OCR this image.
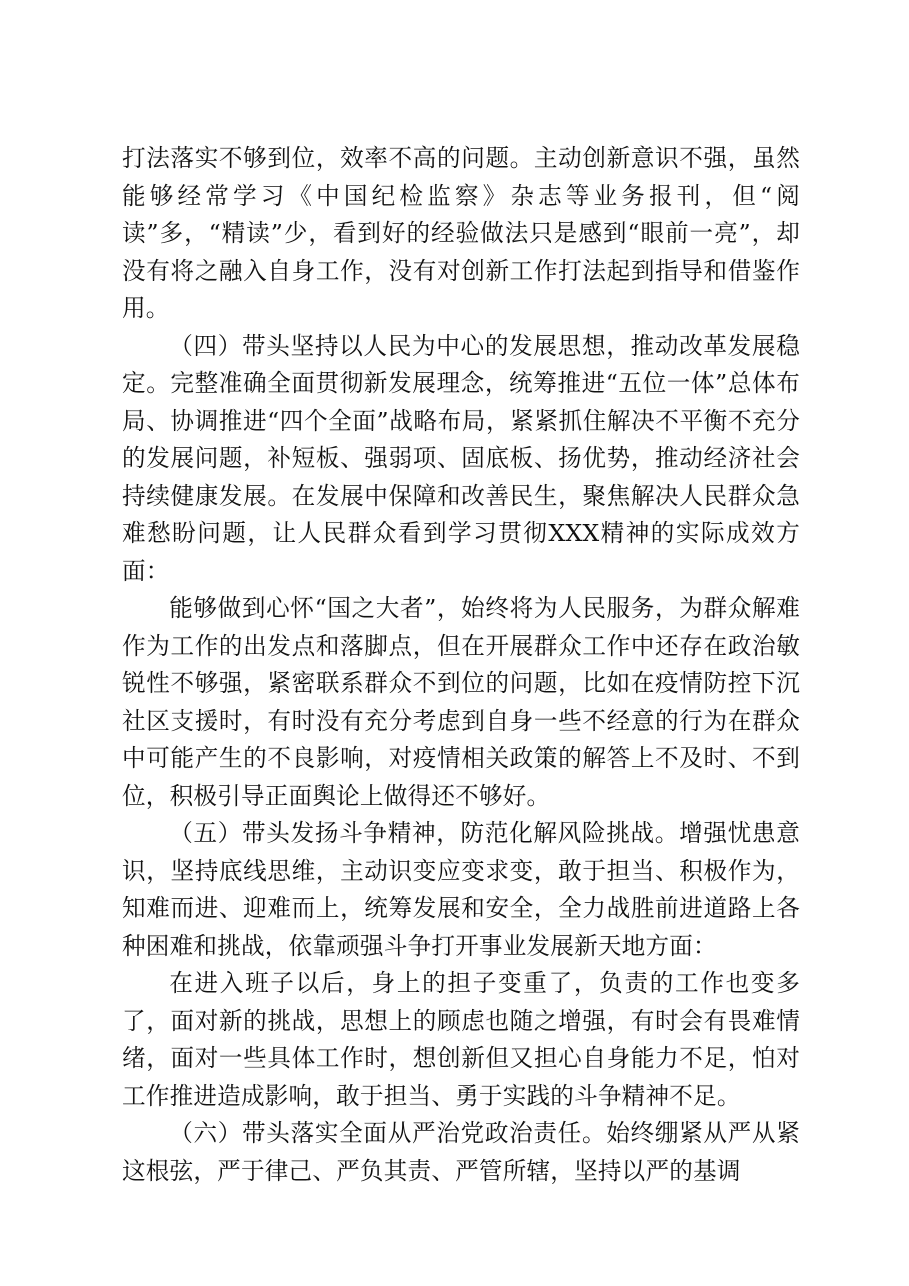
打法落实不够到位，效率不高的问题。主动创新意识不强，虽然能够经常学习《中国纪检监察》杂志等业务报刊，但“阅读”多，“精读”少，看到好的经验做法只是感到“眼前一亮”，却没有将之融入自身工作，没有对创新工作打法起到指导和借鉴作用。

（四）带头坚持以人民为中心的发展思想，推动改革发展稳定。完整准确全面贯彻新发展理念，统筹推进“五位一体”总体布局、协调推进“四个全面”战略布局，紧紧抓住解决不平衡不充分的发展问题，补短板、强弱项、固底板、扬优势，推动经济社会持续健康发展。在发展中保障和改善民生，聚焦解决人民群众急难愁盼问题，让人民群众看到学习贯彻XXX精神的实际成效方面：

能够做到心怀“国之大者”，始终将为人民服务，为群众解难作为工作的出发点和落脚点，但在开展群众工作中还存在政治敏锐性不够强，紧密联系群众不到位的问题，比如在疫情防控下沉社区支援时，有时没有充分考虑到自身一些不经意的行为在群众中可能产生的不良影响，对疫情相关政策的解答上不及时、不到位，积极引导正面舆论上做得还不够好。

（五）带头发扬斗争精神，防范化解风险挑战。增强忧患意识，坚持底线思维，主动识变应变求变，敢于担当、积极作为，知难而进、迎难而上，统筹发展和安全，全力战胜前进道路上各种困难和挑战，依靠顽强斗争打开事业发展新天地方面：

在进入班子以后，身上的担子变重了，负责的工作也变多了，面对新的挑战，思想上的顾虑也随之增强，有时会有畏难情绪，面对一些具体工作时，想创新但又担心自身能力不足，怕对工作推进造成影响，敢于担当、勇于实践的斗争精神不足。

（六）带头落实全面从严治党政治责任。始终绷紧从严从紧这根弦，严于律己、严负其责、严管所辖，坚持以严的基调
